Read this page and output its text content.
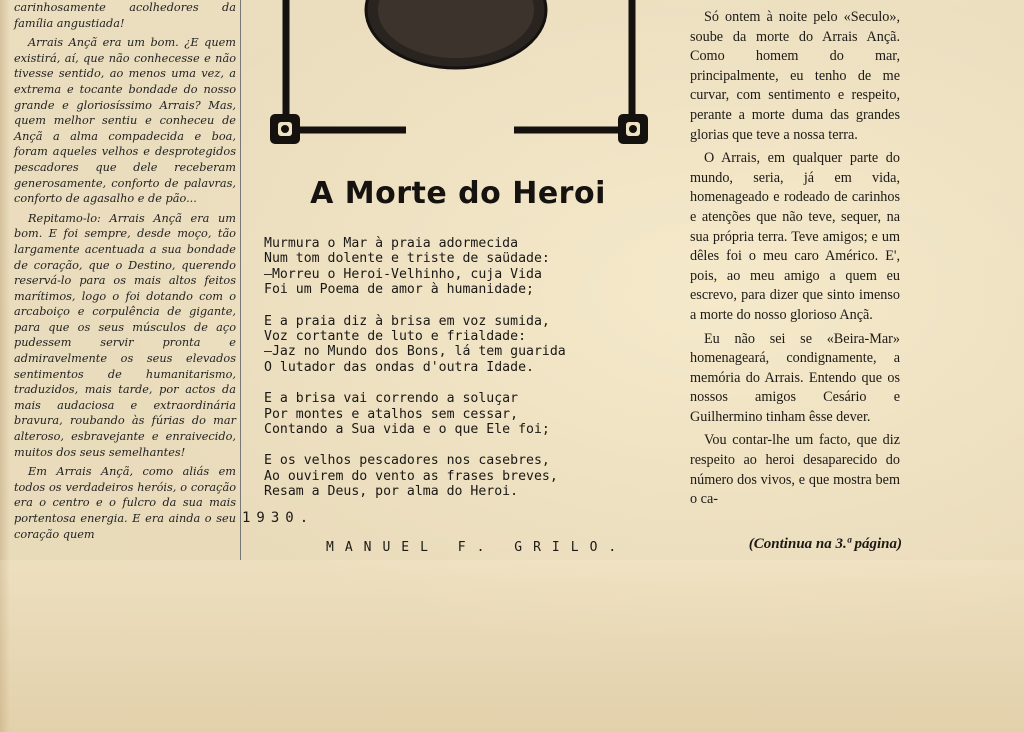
carinhosamente acolhedores da família angustiada!

Arrais Ançã era um bom. ¿E quem existirá, aí, que não conhecesse e não tivesse sentido, ao menos uma vez, a extrema e tocante bondade do nosso grande e gloriosíssimo Arrais? Mas, quem melhor sentiu e conheceu de Ançã a alma compadecida e boa, foram aqueles velhos e desprotegidos pescadores que dele receberam generosamente, conforto de palavras, conforto de agasalho e de pão...

Repitamo-lo: Arrais Ançã era um bom. E foi sempre, desde moço, tão largamente acentuada a sua bondade de coração, que o Destino, querendo reservá-lo para os mais altos feitos marítimos, logo o foi dotando com o arcaboiço e corpulência de gigante, para que os seus músculos de aço pudessem servir pronta e admiravelmente os seus elevados sentimentos de humanitarismo, traduzidos, mais tarde, por actos da mais audaciosa e extraordinária bravura, roubando às fúrias do mar alteroso, esbravejante e enraivecido, muitos dos seus semelhantes!

Em Arrais Ançã, como aliás em todos os verdadeiros heróis, o coração era o centro e o fulcro da sua mais portentosa energia. E era ainda o seu coração quem

A Morte do Heroi
Murmura o Mar à praia adormecida
Num tom dolente e triste de saüdade:
—Morreu o Heroi-Velhinho, cuja Vida
Foi um Poema de amor à humanidade;
E a praia diz à brisa em voz sumida,
Voz cortante de luto e frialdade:
—Jaz no Mundo dos Bons, lá tem guarida
O lutador das ondas d'outra Idade.
E a brisa vai correndo a soluçar
Por montes e atalhos sem cessar,
Contando a Sua vida e o que Ele foi;
E os velhos pescadores nos casebres,
Ao ouvirem do vento as frases breves,
Resam a Deus, por alma do Heroi.
1930.
MANUEL F. GRILO.

Só ontem à noite pelo «Seculo», soube da morte do Arrais Ançã. Como homem do mar, principalmente, eu tenho de me curvar, com sentimento e respeito, perante a morte duma das grandes glorias que teve a nossa terra.

O Arrais, em qualquer parte do mundo, seria, já em vida, homenageado e rodeado de carinhos e atenções que não teve, sequer, na sua própria terra. Teve amigos; e um dêles foi o meu caro Américo. E', pois, ao meu amigo a quem eu escrevo, para dizer que sinto imenso a morte do nosso glorioso Ançã.

Eu não sei se «Beira-Mar» homenageará, condignamente, a memória do Arrais. Entendo que os nossos amigos Cesário e Guilhermino tinham êsse dever.

Vou contar-lhe um facto, que diz respeito ao heroi desaparecido do número dos vivos, e que mostra bem o ca-

(Continua na 3.ª página)
